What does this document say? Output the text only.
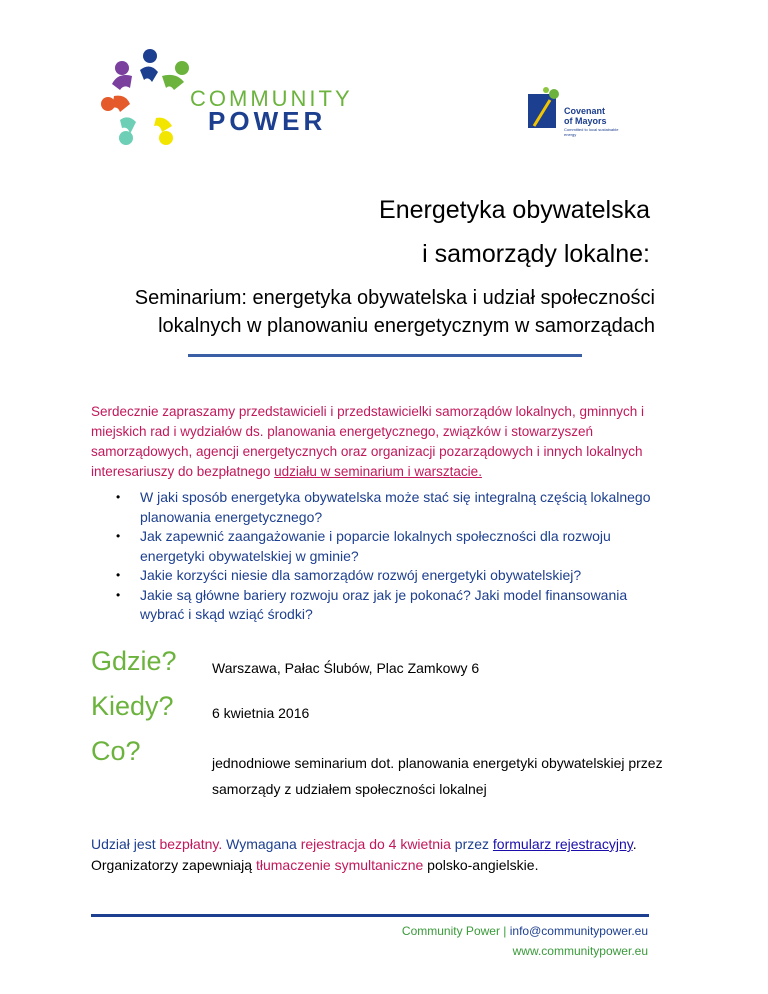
COMMUNITY
POWER	Covenant
of Mayors
Committed to local sustainable energy
Energetyka obywatelska
i samorządy lokalne:
Seminarium: energetyka obywatelska i udział społeczności
lokalnych w planowaniu energetycznym w samorządach
Serdecznie zapraszamy przedstawicieli i przedstawicielki samorządów lokalnych, gminnych i miejskich rad i wydziałów ds. planowania energetycznego, związków i stowarzyszeń samorządowych, agencji energetycznych oraz organizacji pozarządowych i innych lokalnych interesariuszy do bezpłatnego udziału w seminarium i warsztacie.
• W jaki sposób energetyka obywatelska może stać się integralną częścią lokalnego planowania energetycznego?
• Jak zapewnić zaangażowanie i poparcie lokalnych społeczności dla rozwoju energetyki obywatelskiej w gminie?
• Jakie korzyści niesie dla samorządów rozwój energetyki obywatelskiej?
• Jakie są główne bariery rozwoju oraz jak je pokonać? Jaki model finansowania wybrać i skąd wziąć środki?
Gdzie?	Warszawa, Pałac Ślubów, Plac Zamkowy 6
Kiedy?	6 kwietnia 2016
Co?	jednodniowe seminarium dot. planowania energetyki obywatelskiej przez samorządy z udziałem społeczności lokalnej
Udział jest bezpłatny. Wymagana rejestracja do 4 kwietnia przez formularz rejestracyjny. Organizatorzy zapewniają tłumaczenie symultaniczne polsko-angielskie.
Community Power | info@communitypower.eu
www.communitypower.eu
